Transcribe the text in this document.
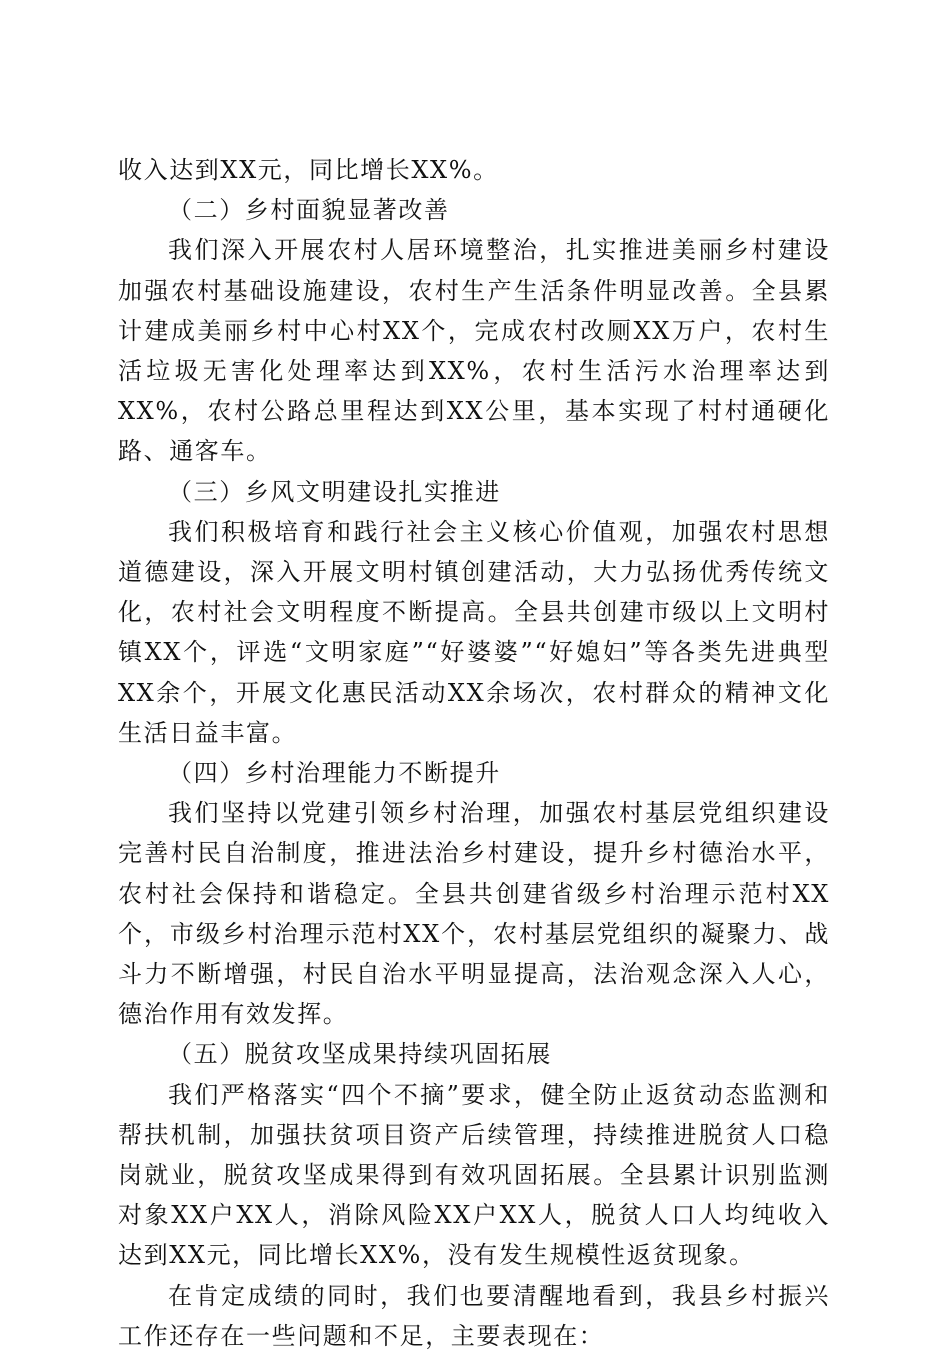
收入达到XX元，同比增长XX%。

（二）乡村面貌显著改善

我们深入开展农村人居环境整治，扎实推进美丽乡村建设加强农村基础设施建设，农村生产生活条件明显改善。全县累计建成美丽乡村中心村XX个，完成农村改厕XX万户，农村生活垃圾无害化处理率达到XX%，农村生活污水治理率达到XX%，农村公路总里程达到XX公里，基本实现了村村通硬化路、通客车。

（三）乡风文明建设扎实推进

我们积极培育和践行社会主义核心价值观，加强农村思想道德建设，深入开展文明村镇创建活动，大力弘扬优秀传统文化，农村社会文明程度不断提高。全县共创建市级以上文明村镇XX个，评选“文明家庭”“好婆婆”“好媳妇”等各类先进典型XX余个，开展文化惠民活动XX余场次，农村群众的精神文化生活日益丰富。

（四）乡村治理能力不断提升

我们坚持以党建引领乡村治理，加强农村基层党组织建设完善村民自治制度，推进法治乡村建设，提升乡村德治水平，农村社会保持和谐稳定。全县共创建省级乡村治理示范村XX个，市级乡村治理示范村XX个，农村基层党组织的凝聚力、战斗力不断增强，村民自治水平明显提高，法治观念深入人心，德治作用有效发挥。

（五）脱贫攻坚成果持续巩固拓展

我们严格落实“四个不摘”要求，健全防止返贫动态监测和帮扶机制，加强扶贫项目资产后续管理，持续推进脱贫人口稳岗就业，脱贫攻坚成果得到有效巩固拓展。全县累计识别监测对象XX户XX人，消除风险XX户XX人，脱贫人口人均纯收入达到XX元，同比增长XX%，没有发生规模性返贫现象。

在肯定成绩的同时，我们也要清醒地看到，我县乡村振兴工作还存在一些问题和不足，主要表现在：
